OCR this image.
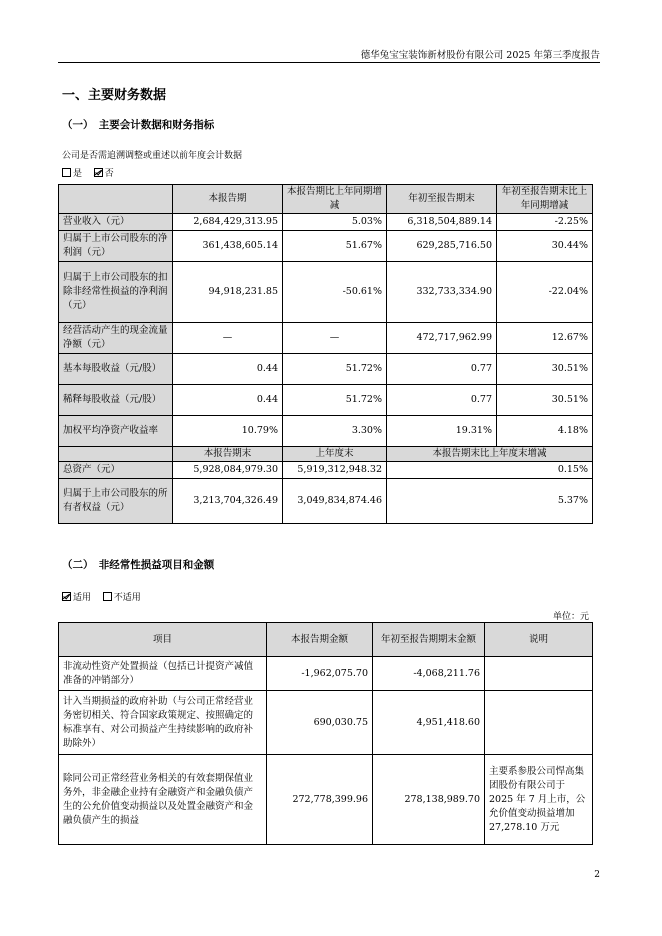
德华兔宝宝装饰新材股份有限公司 2025 年第三季度报告
一、主要财务数据
（一）　主要会计数据和财务指标
公司是否需追溯调整或重述以前年度会计数据
是	否
	本报告期	本报告期比上年同期增减	年初至报告期末	年初至报告期末比上年同期增减
营业收入（元）	2,684,429,313.95	5.03%	6,318,504,889.14	-2.25%
归属于上市公司股东的净利润（元）	361,438,605.14	51.67%	629,285,716.50	30.44%
归属于上市公司股东的扣除非经常性损益的净利润（元）	94,918,231.85	-50.61%	332,733,334.90	-22.04%
经营活动产生的现金流量净额（元）	—	—	472,717,962.99	12.67%
基本每股收益（元/股）	0.44	51.72%	0.77	30.51%
稀释每股收益（元/股）	0.44	51.72%	0.77	30.51%
加权平均净资产收益率	10.79%	3.30%	19.31%	4.18%
	本报告期末	上年度末	本报告期末比上年度末增减	
总资产（元）	5,928,084,979.30	5,919,312,948.32	0.15%	
归属于上市公司股东的所有者权益（元）	3,213,704,326.49	3,049,834,874.46	5.37%	
（二）　非经常性损益项目和金额
适用	不适用
单位：元
项目	本报告期金额	年初至报告期期末金额	说明
非流动性资产处置损益（包括已计提资产减值准备的冲销部分）	-1,962,075.70	-4,068,211.76	
计入当期损益的政府补助（与公司正常经营业务密切相关、符合国家政策规定、按照确定的标准享有、对公司损益产生持续影响的政府补助除外）	690,030.75	4,951,418.60	
除同公司正常经营业务相关的有效套期保值业务外，非金融企业持有金融资产和金融负债产生的公允价值变动损益以及处置金融资产和金融负债产生的损益	272,778,399.96	278,138,989.70	主要系参股公司悍高集团股份有限公司于 2025 年 7 月上市，公允价值变动损益增加 27,278.10 万元
2
